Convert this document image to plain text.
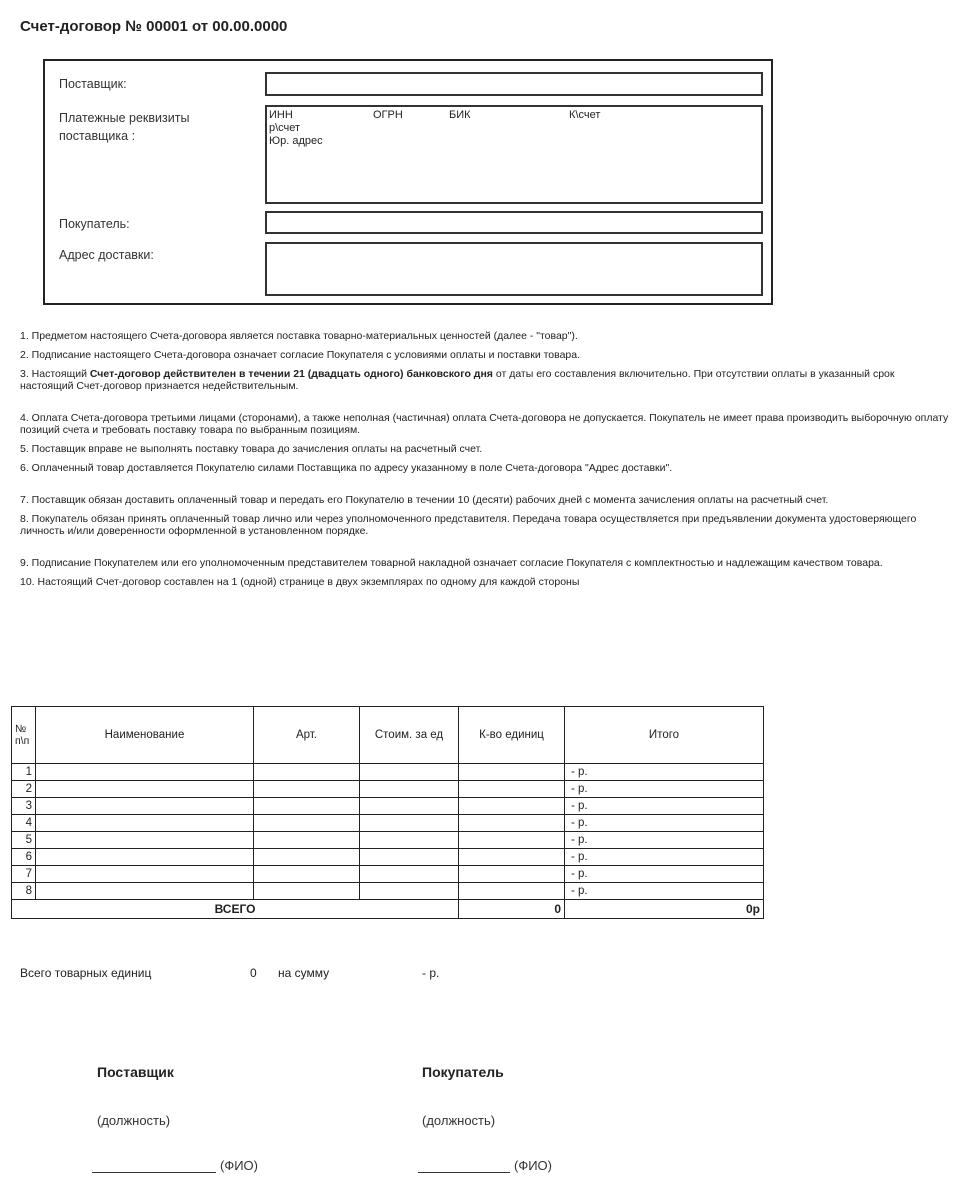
Счет-договор № 00001 от 00.00.0000
Поставщик:
Платежные реквизиты поставщика :
ИНН	ОГРН	БИК	К\счет
р\счет
Юр. адрес
Покупатель:
Адрес доставки:

1. Предметом настоящего Счета-договора является поставка товарно-материальных ценностей (далее - "товар").

2. Подписание настоящего Счета-договора означает согласие Покупателя с условиями оплаты и поставки товара.

3. Настоящий Счет-договор действителен в течении 21 (двадцать одного) банковского дня от даты его составления включительно. При отсутствии оплаты в указанный срок настоящий Счет-договор признается недействительным.

4. Оплата Счета-договора третьими лицами (сторонами), а также неполная (частичная) оплата Счета-договора не допускается. Покупатель не имеет права производить выборочную оплату позиций счета и требовать поставку товара по выбранным позициям.

5. Поставщик вправе не выполнять поставку товара до зачисления оплаты на расчетный счет.

6. Оплаченный товар доставляется Покупателю силами Поставщика по адресу указанному в поле Счета-договора "Адрес доставки".

7. Поставщик обязан доставить оплаченный товар и передать его Покупателю в течении 10 (десяти) рабочих дней с момента зачисления оплаты на расчетный счет.

8. Покупатель обязан принять оплаченный товар лично или через уполномоченного представителя. Передача товара осуществляется при предъявлении документа удостоверяющего личность и/или доверенности оформленной в установленном порядке.

9. Подписание Покупателем или его уполномоченным представителем товарной накладной означает согласие Покупателя с комплектностью и надлежащим качеством товара.

10. Настоящий Счет-договор составлен на 1 (одной) странице в двух экземплярах по одному для каждой стороны

№ п\п	Наименование	Арт.	Стоим. за ед	К-во единиц	Итого
1					- р.
2					- р.
3					- р.
4					- р.
5					- р.
6					- р.
7					- р.
8					- р.
ВСЕГО				0	0р
Всего товарных единиц	0 на сумму	- р.
Поставщик
(должность)
(ФИО)
Покупатель
(должность)
(ФИО)
